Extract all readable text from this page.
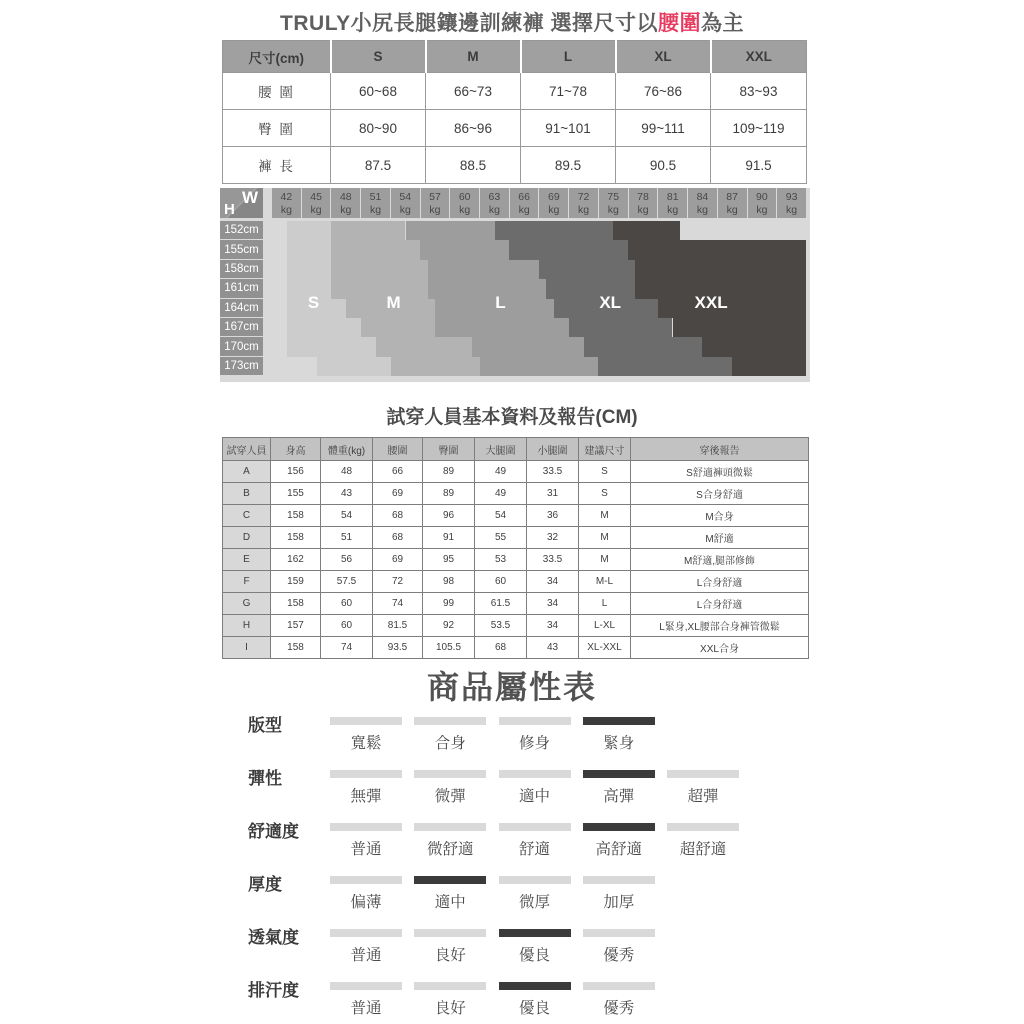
TRULY小尻長腿鑲邊訓練褲 選擇尺寸以腰圍為主
尺寸(cm)	S	M	L	XL	XXL
腰 圍	60~68	66~73	71~78	76~86	83~93
臀 圍	80~90	86~96	91~101	99~111	109~119
褲 長	87.5	88.5	89.5	90.5	91.5
W
H
42
kg
45
kg
48
kg
51
kg
54
kg
57
kg
60
kg
63
kg
66
kg
69
kg
72
kg
75
kg
78
kg
81
kg
84
kg
87
kg
90
kg
93
kg
152cm
155cm
158cm
161cm
164cm
167cm
170cm
173cm
S	M	L	XL	XXL
試穿人員基本資料及報告(CM)
試穿人員	身高	體重(kg)	腰圍	臀圍	大腿圍	小腿圍	建議尺寸	穿後報告
A	156	48	66	89	49	33.5	S	S舒適褲頭微鬆
B	155	43	69	89	49	31	S	S合身舒適
C	158	54	68	96	54	36	M	M合身
D	158	51	68	91	55	32	M	M舒適
E	162	56	69	95	53	33.5	M	M舒適,腿部修飾
F	159	57.5	72	98	60	34	M-L	L合身舒適
G	158	60	74	99	61.5	34	L	L合身舒適
H	157	60	81.5	92	53.5	34	L-XL	L緊身,XL腰部合身褲管微鬆
I	158	74	93.5	105.5	68	43	XL-XXL	XXL合身
商品屬性表
版型
寬鬆	合身	修身	緊身
彈性
無彈	微彈	適中	高彈	超彈
舒適度
普通	微舒適	舒適	高舒適	超舒適
厚度
偏薄	適中	微厚	加厚
透氣度
普通	良好	優良	優秀
排汗度
普通	良好	優良	優秀
